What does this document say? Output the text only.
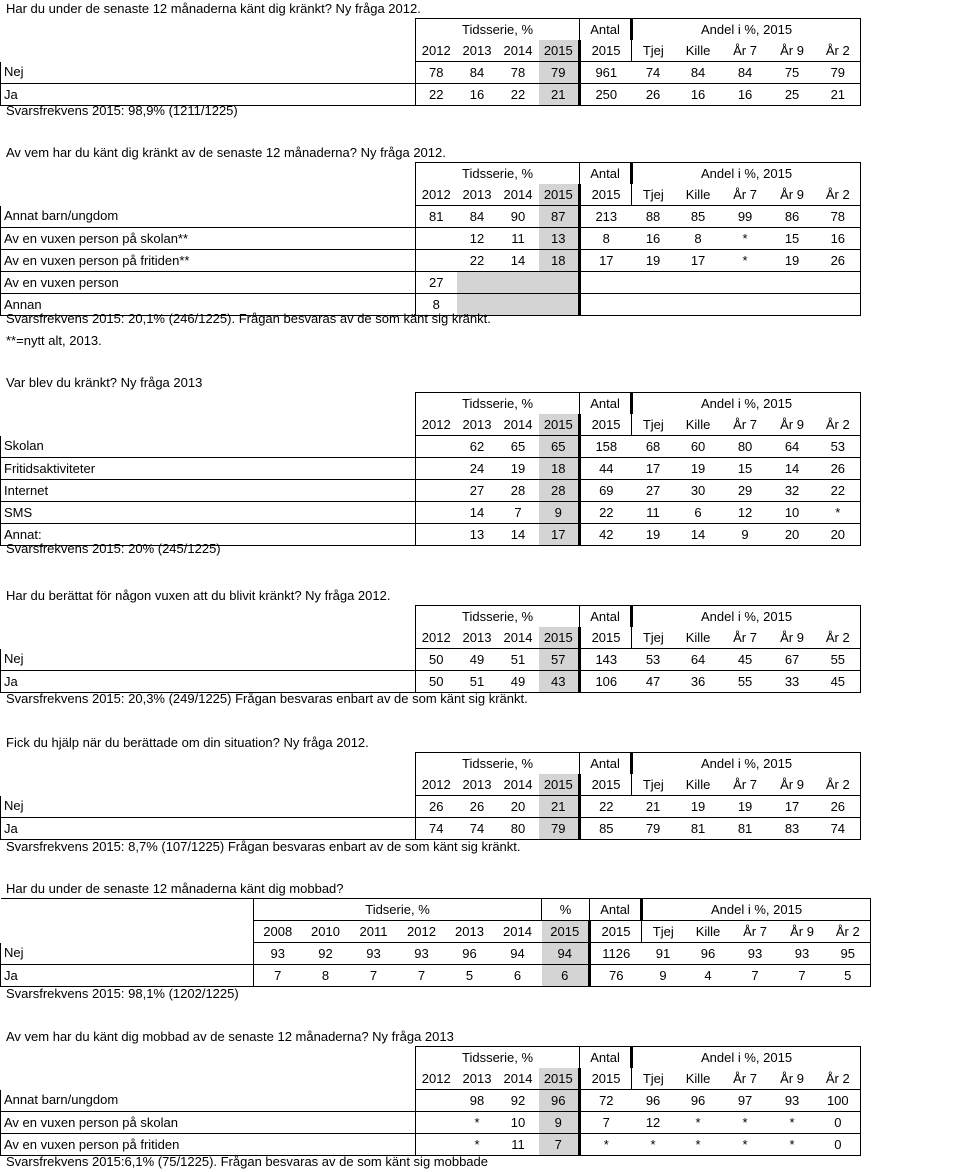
Har du under de senaste 12 månaderna känt dig kränkt? Ny fråga 2012.
	Tidsserie, %				Antal	Andel i %, 2015				
	2012	2013	2014	2015	2015	Tjej	Kille	År 7	År 9	År 2
Nej	78	84	78	79	961	74	84	84	75	79
Ja	22	16	22	21	250	26	16	16	25	21
Svarsfrekvens 2015: 98,9% (1211/1225)
Av vem har du känt dig kränkt av de senaste 12 månaderna? Ny fråga 2012.
	Tidsserie, %				Antal	Andel i %, 2015				
	2012	2013	2014	2015	2015	Tjej	Kille	År 7	År 9	År 2
Annat barn/ungdom	81	84	90	87	213	88	85	99	86	78
Av en vuxen person på skolan**		12	11	13	8	16	8	*	15	16
Av en vuxen person på fritiden**		22	14	18	17	19	17	*	19	26
Av en vuxen person	27									
Annan	8									
Svarsfrekvens 2015: 20,1% (246/1225). Frågan besvaras av de som känt sig kränkt.
**=nytt alt, 2013.
Var blev du kränkt? Ny fråga 2013
	Tidsserie, %				Antal	Andel i %, 2015				
	2012	2013	2014	2015	2015	Tjej	Kille	År 7	År 9	År 2
Skolan		62	65	65	158	68	60	80	64	53
Fritidsaktiviteter		24	19	18	44	17	19	15	14	26
Internet		27	28	28	69	27	30	29	32	22
SMS		14	7	9	22	11	6	12	10	*
Annat:		13	14	17	42	19	14	9	20	20
Svarsfrekvens 2015: 20% (245/1225)
Har du berättat för någon vuxen att du blivit kränkt? Ny fråga 2012.
	Tidsserie, %				Antal	Andel i %, 2015				
	2012	2013	2014	2015	2015	Tjej	Kille	År 7	År 9	År 2
Nej	50	49	51	57	143	53	64	45	67	55
Ja	50	51	49	43	106	47	36	55	33	45
Svarsfrekvens 2015: 20,3% (249/1225) Frågan besvaras enbart av de som känt sig kränkt.
Fick du hjälp när du berättade om din situation? Ny fråga 2012.
	Tidsserie, %				Antal	Andel i %, 2015				
	2012	2013	2014	2015	2015	Tjej	Kille	År 7	År 9	År 2
Nej	26	26	20	21	22	21	19	19	17	26
Ja	74	74	80	79	85	79	81	81	83	74
Svarsfrekvens 2015: 8,7% (107/1225) Frågan besvaras enbart av de som känt sig kränkt.
Har du under de senaste 12 månaderna känt dig mobbad?
	Tidserie, %						%	Antal	Andel i %, 2015				
	2008	2010	2011	2012	2013	2014	2015	2015	Tjej	Kille	År 7	År 9	År 2
Nej	93	92	93	93	96	94	94	1126	91	96	93	93	95
Ja	7	8	7	7	5	6	6	76	9	4	7	7	5
Svarsfrekvens 2015: 98,1% (1202/1225)
Av vem har du känt dig mobbad av de senaste 12 månaderna? Ny fråga 2013
	Tidsserie, %				Antal	Andel i %, 2015				
	2012	2013	2014	2015	2015	Tjej	Kille	År 7	År 9	År 2
Annat barn/ungdom		98	92	96	72	96	96	97	93	100
Av en vuxen person på skolan		*	10	9	7	12	*	*	*	0
Av en vuxen person på fritiden		*	11	7	*	*	*	*	*	0
Svarsfrekvens 2015:6,1% (75/1225). Frågan besvaras av de som känt sig mobbade
